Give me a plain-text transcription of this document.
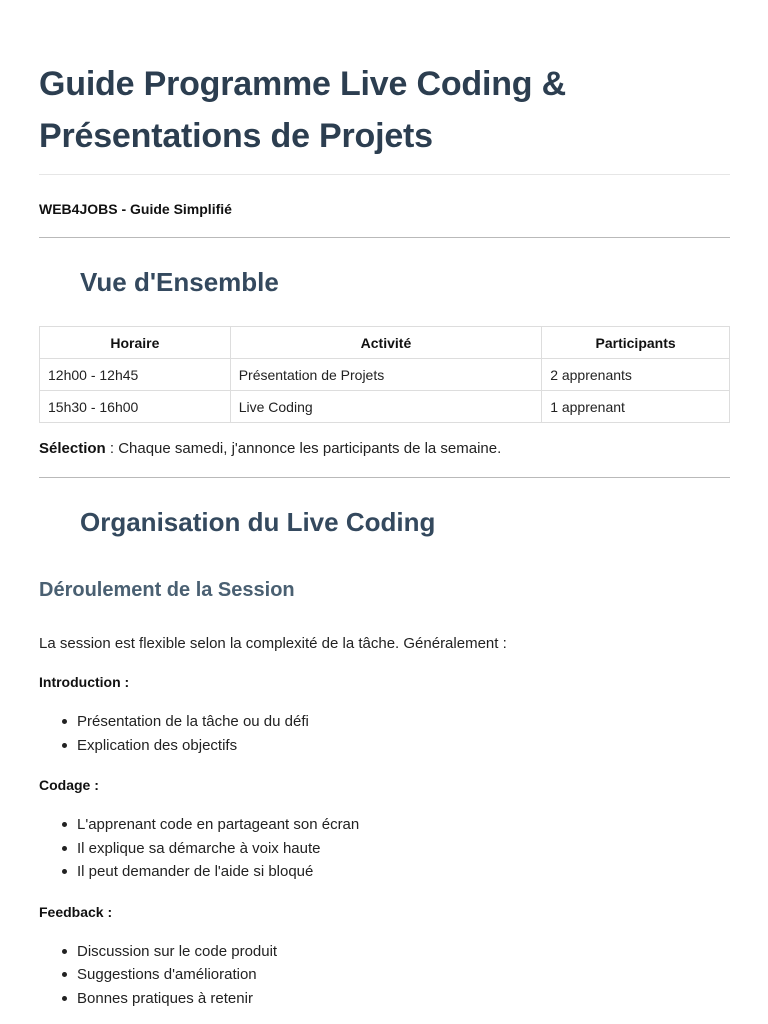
Guide Programme Live Coding & Présentations de Projets

WEB4JOBS - Guide Simplifié

Vue d'Ensemble
Horaire	Activité	Participants
12h00 - 12h45	Présentation de Projets	2 apprenants
15h30 - 16h00	Live Coding	1 apprenant

Sélection : Chaque samedi, j'annonce les participants de la semaine.

Organisation du Live Coding
Déroulement de la Session

La session est flexible selon la complexité de la tâche. Généralement :

Introduction :

Présentation de la tâche ou du défi
Explication des objectifs

Codage :

L'apprenant code en partageant son écran
Il explique sa démarche à voix haute
Il peut demander de l'aide si bloqué

Feedback :

Discussion sur le code produit
Suggestions d'amélioration
Bonnes pratiques à retenir
